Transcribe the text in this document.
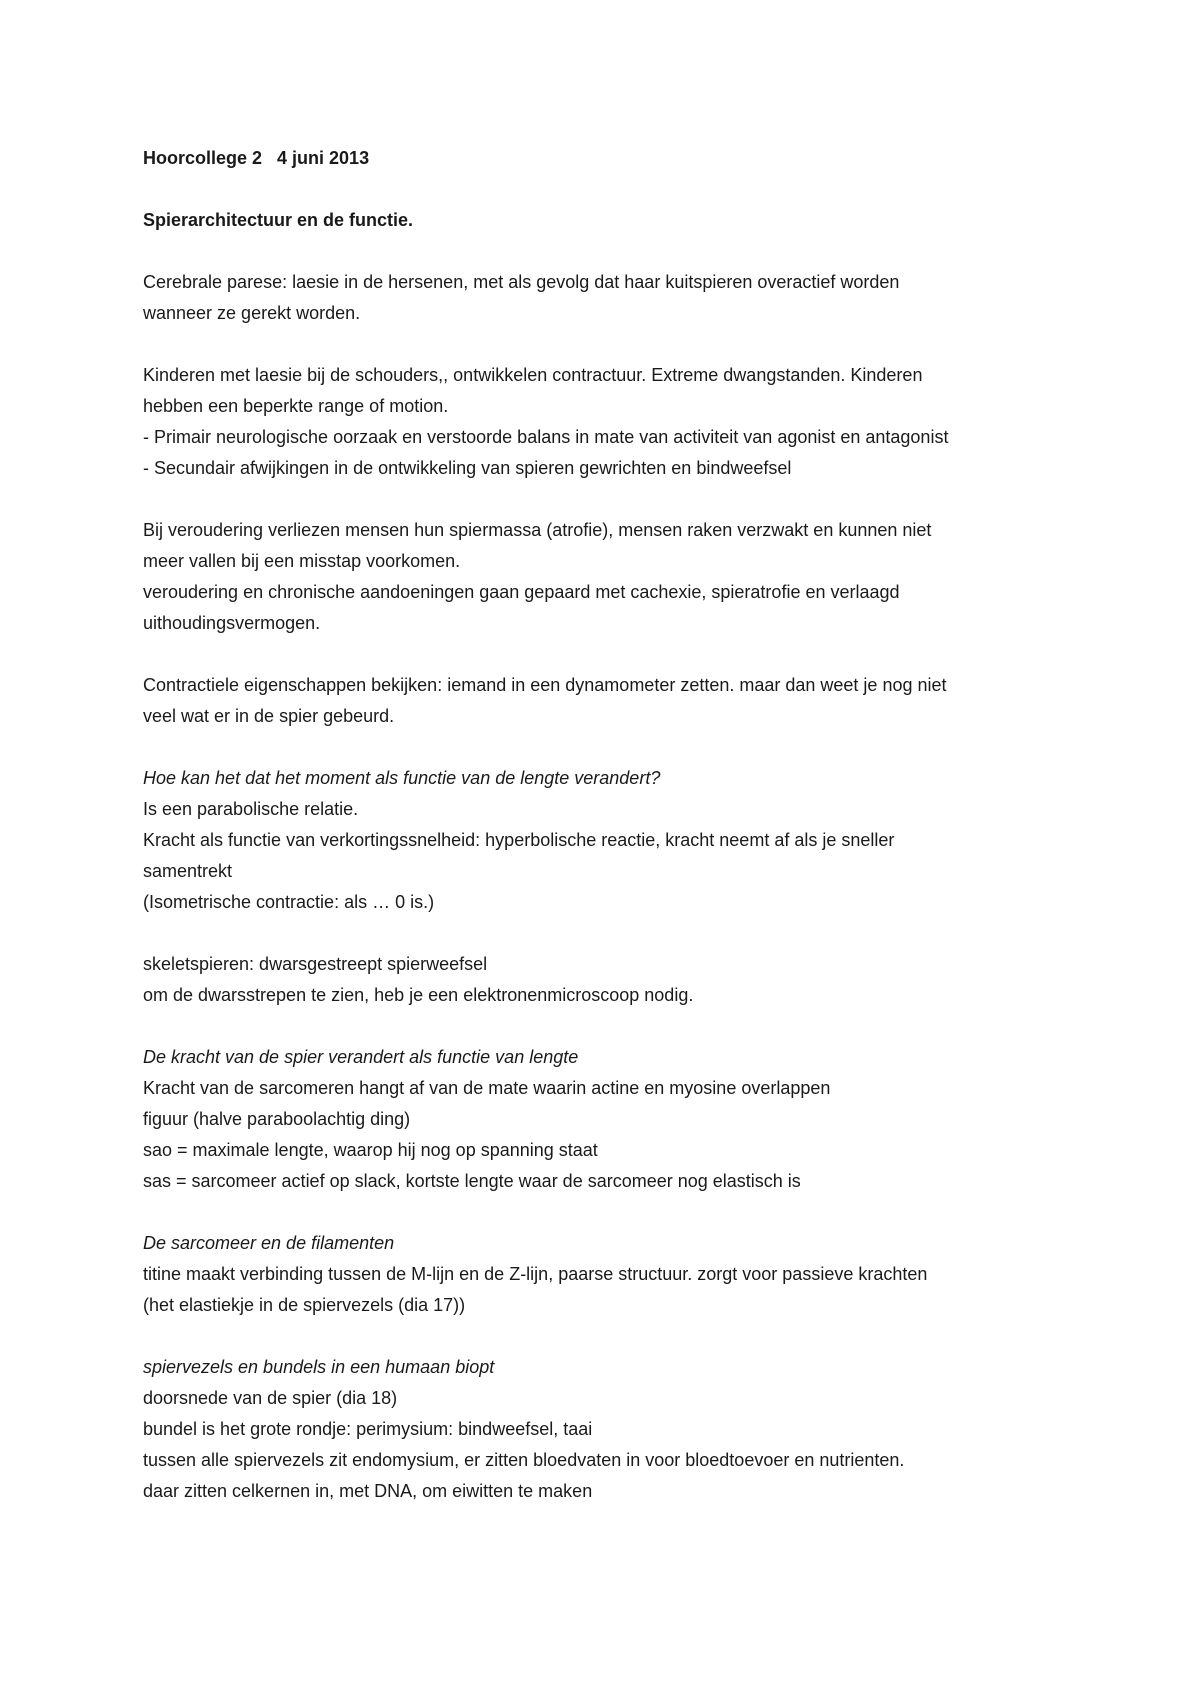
Hoorcollege 2   4 juni 2013
Spierarchitectuur en de functie.
Cerebrale parese: laesie in de hersenen, met als gevolg dat haar kuitspieren overactief worden
wanneer ze gerekt worden.
Kinderen met laesie bij de schouders,, ontwikkelen contractuur. Extreme dwangstanden. Kinderen
hebben een beperkte range of motion.
- Primair neurologische oorzaak en verstoorde balans in mate van activiteit van agonist en antagonist
- Secundair afwijkingen in de ontwikkeling van spieren gewrichten en bindweefsel
Bij veroudering verliezen mensen hun spiermassa (atrofie), mensen raken verzwakt en kunnen niet
meer vallen bij een misstap voorkomen.
veroudering en chronische aandoeningen gaan gepaard met cachexie, spieratrofie en verlaagd
uithoudingsvermogen.
Contractiele eigenschappen bekijken: iemand in een dynamometer zetten. maar dan weet je nog niet
veel wat er in de spier gebeurd.
Hoe kan het dat het moment als functie van de lengte verandert?
Is een parabolische relatie.
Kracht als functie van verkortingssnelheid: hyperbolische reactie, kracht neemt af als je sneller
samentrekt
(Isometrische contractie: als … 0 is.)
skeletspieren: dwarsgestreept spierweefsel
om de dwarsstrepen te zien, heb je een elektronenmicroscoop nodig.
De kracht van de spier verandert als functie van lengte
Kracht van de sarcomeren hangt af van de mate waarin actine en myosine overlappen
figuur (halve paraboolachtig ding)
sao = maximale lengte, waarop hij nog op spanning staat
sas = sarcomeer actief op slack, kortste lengte waar de sarcomeer nog elastisch is
De sarcomeer en de filamenten
titine maakt verbinding tussen de M-lijn en de Z-lijn, paarse structuur. zorgt voor passieve krachten
(het elastiekje in de spiervezels (dia 17))
spiervezels en bundels in een humaan biopt
doorsnede van de spier (dia 18)
bundel is het grote rondje: perimysium: bindweefsel, taai
tussen alle spiervezels zit endomysium, er zitten bloedvaten in voor bloedtoevoer en nutrienten.
daar zitten celkernen in, met DNA, om eiwitten te maken
